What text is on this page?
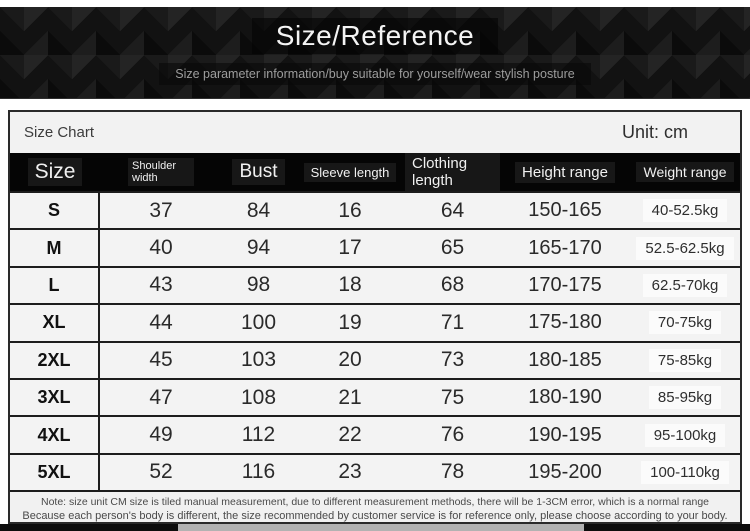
Size/Reference
Size parameter information/buy suitable for yourself/wear stylish posture
Size Chart	Unit: cm
Size	Shoulder width	Bust	Sleeve length	Clothing length	Height range	Weight range
S	37	84	16	64	150-165	40-52.5kg
M	40	94	17	65	165-170	52.5-62.5kg
L	43	98	18	68	170-175	62.5-70kg
XL	44	100	19	71	175-180	70-75kg
2XL	45	103	20	73	180-185	75-85kg
3XL	47	108	21	75	180-190	85-95kg
4XL	49	112	22	76	190-195	95-100kg
5XL	52	116	23	78	195-200	100-110kg
Note: size unit CM size is tiled manual measurement, due to different measurement methods, there will be 1-3CM error, which is a normal range
Because each person's body is different, the size recommended by customer service is for reference only, please choose according to your body.
